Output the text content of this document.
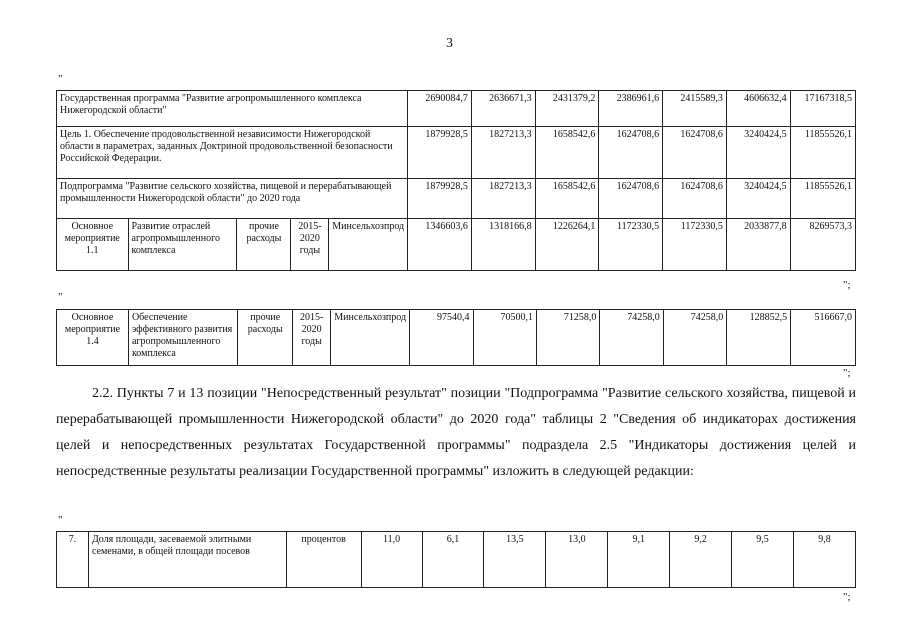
3
"
Государственная программа "Развитие агропромышленного комплекса Нижегородской области"					2690084,7	2636671,3	2431379,2	2386961,6	2415589,3	4606632,4	17167318,5
Цель 1. Обеспечение продовольственной независимости Нижегородской области в параметрах, заданных Доктриной продовольственной безопасности Российской Федерации.					1879928,5	1827213,3	1658542,6	1624708,6	1624708,6	3240424,5	11855526,1
Подпрограмма "Развитие сельского хозяйства, пищевой и перерабатывающей промышленности Нижегородской области" до 2020 года					1879928,5	1827213,3	1658542,6	1624708,6	1624708,6	3240424,5	11855526,1
Основное мероприятие 1.1	Развитие отраслей агропромышленного комплекса	прочие расходы	2015-2020 годы	Минсельхозпрод	1346603,6	1318166,8	1226264,1	1172330,5	1172330,5	2033877,8	8269573,3
";
"
Основное мероприятие 1.4	Обеспечение эффективного развития агропромышленного комплекса	прочие расходы	2015-2020 годы	Минсельхозпрод	97540,4	70500,1	71258,0	74258,0	74258,0	128852,5	516667,0
";
2.2. Пункты 7 и 13 позиции "Непосредственный результат" позиции "Подпрограмма "Развитие сельского хозяйства, пищевой и перерабатывающей промышленности Нижегородской области" до 2020 года" таблицы 2 "Сведения об индикаторах достижения целей и непосредственных результатах Государственной программы" подраздела 2.5 "Индикаторы достижения целей и непосредственные результаты реализации Государственной программы" изложить в следующей редакции:
"
7.	Доля площади, засеваемой элитными семенами, в общей площади посевов	процентов	11,0	6,1	13,5	13,0	9,1	9,2	9,5	9,8
";
